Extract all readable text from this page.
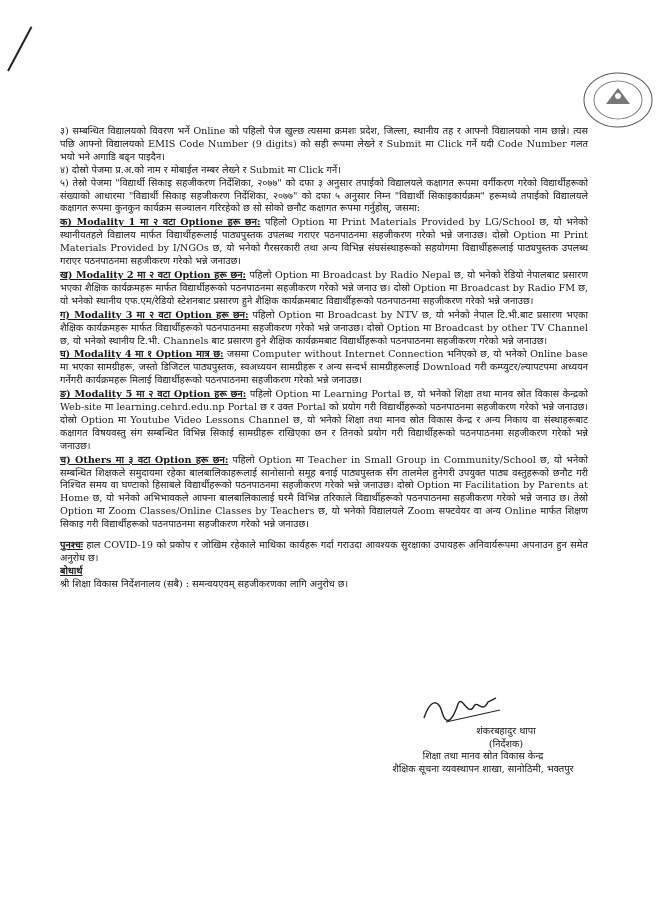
३) सम्बन्धित विद्यालयको विवरण भर्ने Online को पहिलो पेज खुल्छ त्यसमा क्रमशः प्रदेश, जिल्ला, स्थानीय तह र आफ्नो विद्यालयको नाम छान्ने। त्यस पछि आफ्नो विद्यालयको EMIS Code Number (9 digits) को सही रूपमा लेख्ने र Submit मा Click गर्ने यदी Code Number गलत भयो भने अगाडि बढ्न पाइदैन।

४) दोस्रो पेजमा प्र.अ.को नाम र मोबाईल नम्बर लेख्ने र Submit मा Click गर्ने।

५) तेस्रो पेजमा "विद्यार्थी सिकाइ सहजीकरण निर्देशिका, २०७७" को दफा ३ अनुसार तपाईको विद्यालयले कक्षागत रूपमा वर्गीकरण गरेको विद्यार्थीहरूको संख्याको आधारमा "विद्यार्थी सिकाइ सहजीकरण निर्देशिका, २०७७" को दफा ५ अनुसार निम्न "विद्यार्थी सिकाइकार्यक्रम" हरूमध्ये तपाईको विद्यालयले कक्षागत रूपमा कुनकुन कार्यक्रम सञ्चालन गरिरहेको छ सो सोको छनौट कक्षागत रूपमा गर्नुहोस्, जसमा:

क) Modality 1 मा २ वटा Optione हरू छन: पहिलो Option मा Print Materials Provided by LG/School छ, यो भनेको स्थानीयतहले विद्यालय मार्फत विद्यार्थीहरूलाई पाठ्यपुस्तक उपलब्ध गराएर पठनपाठनमा सहजीकरण गरेको भन्ने जनाउछ। दोस्रो Option मा Print Materials Provided by I/NGOs छ, यो भनेको गैरसरकारी तथा अन्य विभिन्न संघसंस्थाहरूको सहयोगमा विद्यार्थीहरूलाई पाठ्यपुस्तक उपलब्ध गराएर पठनपाठनमा सहजीकरण गरेको भन्ने जनाउछ।

ख) Modality 2 मा २ वटा Option हरू छन: पहिलो Option मा Broadcast by Radio Nepal छ, यो भनेको रेडियो नेपालबाट प्रसारण भएका शैक्षिक कार्यक्रमहरू मार्फत विद्यार्थीहरूको पठनपाठनमा सहजीकरण गरेको भन्ने जनाउ छ। दोस्रो Option मा Broadcast by Radio FM छ, यो भनेको स्थानीय एफ.एम/रेडियो स्टेशनबाट प्रसारण हुने शैक्षिक कार्यक्रमबाट विद्यार्थीहरूको पठनपाठनमा सहजीकरण गरेको भन्ने जनाउछ।

ग) Modality 3 मा २ वटा Option हरू छन: पहिलो Option मा Broadcast by NTV छ, यो भनेको नेपाल टि.भी.बाट प्रसारण भएका शैक्षिक कार्यक्रमहरू मार्फत विद्यार्थीहरूको पठनपाठनमा सहजीकरण गरेको भन्ने जनाउछ। दोस्रो Option मा Broadcast by other TV Channel छ, यो भनेको स्थानीय टि.भी. Channels बाट प्रसारण हुने शैक्षिक कार्यक्रमबाट विद्यार्थीहरूको पठनपाठनमा सहजीकरण गरेको भन्ने जनाउछ।

घ) Modality 4 मा १ Option मात्र छ: जसमा Computer without Internet Connection भनिएको छ, यो भनेको Online base मा भएका सामग्रीहरू, जस्तो डिजिटल पाठ्यपुस्तक, स्वअध्ययन सामग्रीहरू र अन्य सन्दर्भ सामग्रीहरूलाई Download गरी कम्प्युटर/ल्यापटपमा अध्ययन गर्नेगरी कार्यक्रमहरू मिलाई विद्यार्थीहरूको पठनपाठनमा सहजीकरण गरेको भन्ने जनाउछ।

ङ) Modality 5 मा २ वटा Option हरू छन: पहिलो Option मा Learning Portal छ, यो भनेको शिक्षा तथा मानव स्रोत विकास केन्द्रको Web-site मा learning.cehrd.edu.np Portal छ र उक्त Portal को प्रयोग गरी विद्यार्थीहरूको पठनपाठनमा सहजीकरण गरेको भन्ने जनाउछ। दोस्रो Option मा Youtube Video Lessons Channel छ, यो भनेको शिक्षा तथा मानव स्रोत विकास केन्द्र र अन्य निकाय वा संस्थाहरूबाट कक्षागत विषयवस्तु संग सम्बन्धित विभिन्न सिकाई सामग्रीहरू राखिएका छन र तिनको प्रयोग गरी विद्यार्थीहरूको पठनपाठनमा सहजीकरण गरेको भन्ने जनाउछ।

च) Others मा ३ वटा Option हरू छन: पहिलो Option मा Teacher in Small Group in Community/School छ, यो भनेको सम्बन्धित शिक्षकले समुदायमा रहेका बालबालिकाहरूलाई सानोसानो समूह बनाई पाठ्यपुस्तक सँग तालमेल हुनेगरी उपयुक्त पाठ्य वस्तुहरूको छनौट गरी निश्चित समय वा घण्टाको हिसाबले विद्यार्थीहरूको पठनपाठनमा सहजीकरण गरेको भन्ने जनाउछ। दोस्रो Option मा Facilitation by Parents at Home छ, यो भनेको अभिभावकले आफ्ना बालबालिकालाई घरमै विभिन्न तरिकाले विद्यार्थीहरूको पठनपाठनमा सहजीकरण गरेको भन्ने जनाउ छ। तेस्रो Option मा Zoom Classes/Online Classes by Teachers छ, यो भनेको विद्यालयले Zoom सफ्टवेयर वा अन्य Online मार्फत शिक्षण सिकाइ गरी विद्यार्थीहरूको पठनपाठनमा सहजीकरण गरेको भन्ने जनाउछ।

पुनश्चः हाल COVID-19 को प्रकोप र जोखिम रहेकाले माथिका कार्यहरू गर्दा गराउदा आवश्यक सुरक्षाका उपायहरू अनिवार्यरूपमा अपनाउन हुन समेत अनुरोध छ।

बोधार्थ

श्री शिक्षा विकास निर्देशनालय (सबै) : समन्वयएवम् सहजीकरणका लागि अनुरोध छ।

शंकरबहादुर थापा
(निर्देशक)
शिक्षा तथा मानव स्रोत विकास केन्द्र
शैक्षिक सूचना व्यवस्थापन शाखा, सानोठिमी, भक्तपुर
